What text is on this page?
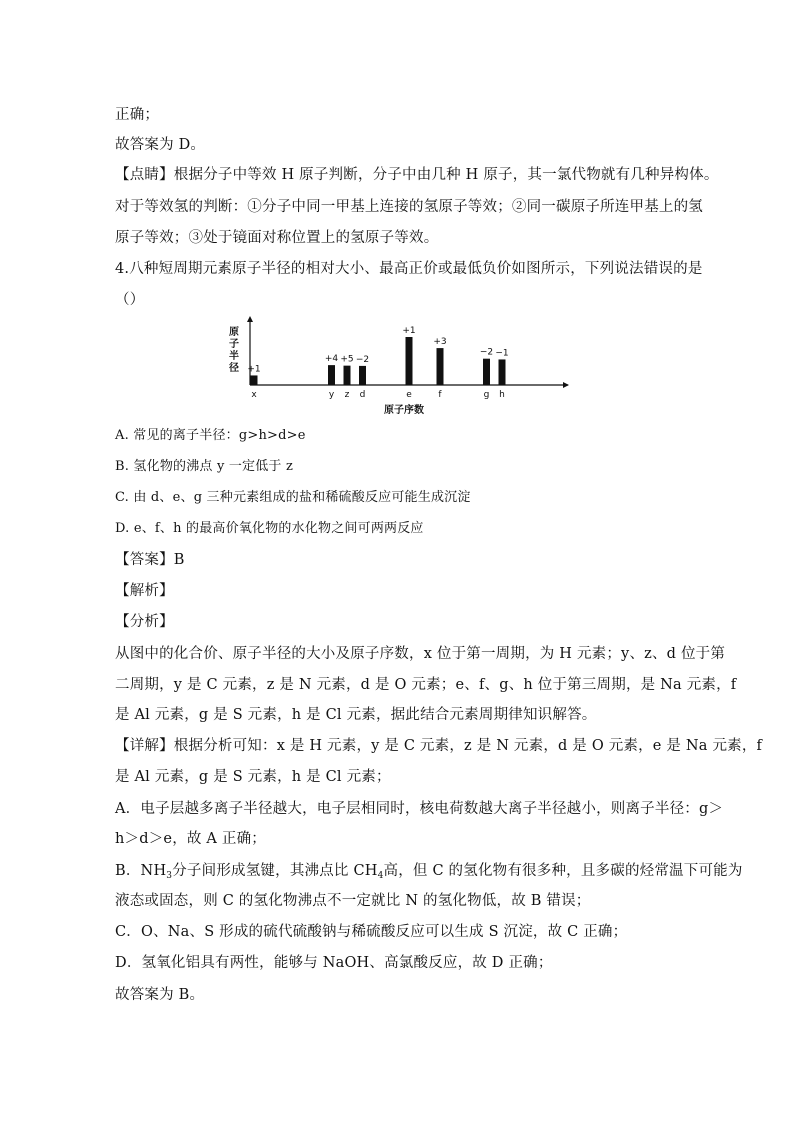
正确；
故答案为 D。
【点睛】根据分子中等效 H 原子判断，分子中由几种 H 原子，其一氯代物就有几种异构体。
对于等效氢的判断：①分子中同一甲基上连接的氢原子等效；②同一碳原子所连甲基上的氢
原子等效；③处于镜面对称位置上的氢原子等效。
4.八种短周期元素原子半径的相对大小、最高正价或最低负价如图所示，下列说法错误的是
（）
原
子
半
径
原子序数
+1
x
+4
y
+5
z
−2
d
+1
e
+3
f
−2
g
−1
h
A. 常见的离子半径：g>h>d>e
B. 氢化物的沸点 y 一定低于 z
C. 由 d、e、g 三种元素组成的盐和稀硫酸反应可能生成沉淀
D. e、f、h 的最高价氧化物的水化物之间可两两反应
【答案】B
【解析】
【分析】
从图中的化合价、原子半径的大小及原子序数，x 位于第一周期，为 H 元素；y、z、d 位于第
二周期，y 是 C 元素，z 是 N 元素，d 是 O 元素；e、f、g、h 位于第三周期，是 Na 元素，f
是 Al 元素，g 是 S 元素，h 是 Cl 元素，据此结合元素周期律知识解答。
【详解】根据分析可知：x 是 H 元素，y 是 C 元素，z 是 N 元素，d 是 O 元素，e 是 Na 元素，f
是 Al 元素，g 是 S 元素，h 是 Cl 元素；
A．电子层越多离子半径越大，电子层相同时，核电荷数越大离子半径越小，则离子半径：g＞
h＞d＞e，故 A 正确；
B．$NH_3$分子间形成氢键，其沸点比 $CH_4$高，但 C 的氢化物有很多种，且多碳的烃常温下可能为
液态或固态，则 C 的氢化物沸点不一定就比 N 的氢化物低，故 B 错误；
C．O、Na、S 形成的硫代硫酸钠与稀硫酸反应可以生成 S 沉淀，故 C 正确；
D．氢氧化铝具有两性，能够与 NaOH、高氯酸反应，故 D 正确；
故答案为 B。
